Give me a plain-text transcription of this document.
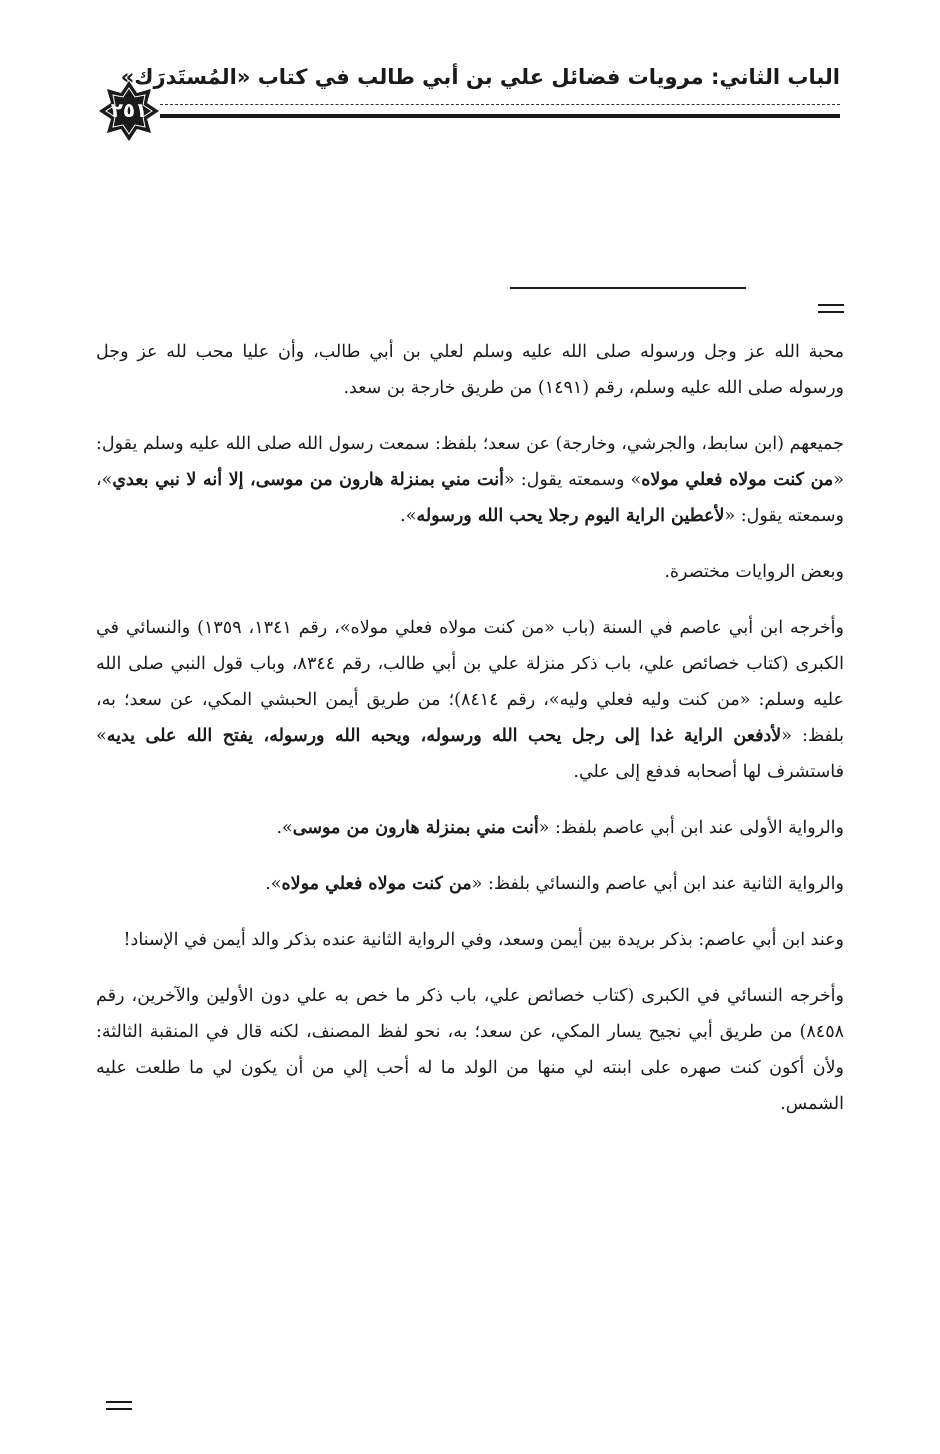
الباب الثاني: مرويات فضائل علي بن أبي طالب في كتاب «المُستَدرَك»
٢٥١

محبة الله عز وجل ورسوله صلى الله عليه وسلم لعلي بن أبي طالب، وأن عليا محب لله عز وجل ورسوله صلى الله عليه وسلم، رقم (١٤٩١) من طريق خارجة بن سعد.

جميعهم (ابن سابط، والجرشي، وخارجة) عن سعد؛ بلفظ: سمعت رسول الله صلى الله عليه وسلم يقول: «من كنت مولاه فعلي مولاه» وسمعته يقول: «أنت مني بمنزلة هارون من موسى، إلا أنه لا نبي بعدي»، وسمعته يقول: «لأعطين الراية اليوم رجلا يحب الله ورسوله».

وبعض الروايات مختصرة.

وأخرجه ابن أبي عاصم في السنة (باب «من كنت مولاه فعلي مولاه»، رقم ١٣٤١، ١٣٥٩) والنسائي في الكبرى (كتاب خصائص علي، باب ذكر منزلة علي بن أبي طالب، رقم ٨٣٤٤، وباب قول النبي صلى الله عليه وسلم: «من كنت وليه فعلي وليه»، رقم ٨٤١٤)؛ من طريق أيمن الحبشي المكي، عن سعد؛ به، بلفظ: «لأدفعن الراية غدا إلى رجل يحب الله ورسوله، ويحبه الله ورسوله، يفتح الله على يديه» فاستشرف لها أصحابه فدفع إلى علي.

والرواية الأولى عند ابن أبي عاصم بلفظ: «أنت مني بمنزلة هارون من موسى».

والرواية الثانية عند ابن أبي عاصم والنسائي بلفظ: «من كنت مولاه فعلي مولاه».

وعند ابن أبي عاصم: بذكر بريدة بين أيمن وسعد، وفي الرواية الثانية عنده بذكر والد أيمن في الإسناد!

وأخرجه النسائي في الكبرى (كتاب خصائص علي، باب ذكر ما خص به علي دون الأولين والآخرين، رقم ٨٤٥٨) من طريق أبي نجيح يسار المكي، عن سعد؛ به، نحو لفظ المصنف، لكنه قال في المنقبة الثالثة: ولأن أكون كنت صهره على ابنته لي منها من الولد ما له أحب إلي من أن يكون لي ما طلعت عليه الشمس.
